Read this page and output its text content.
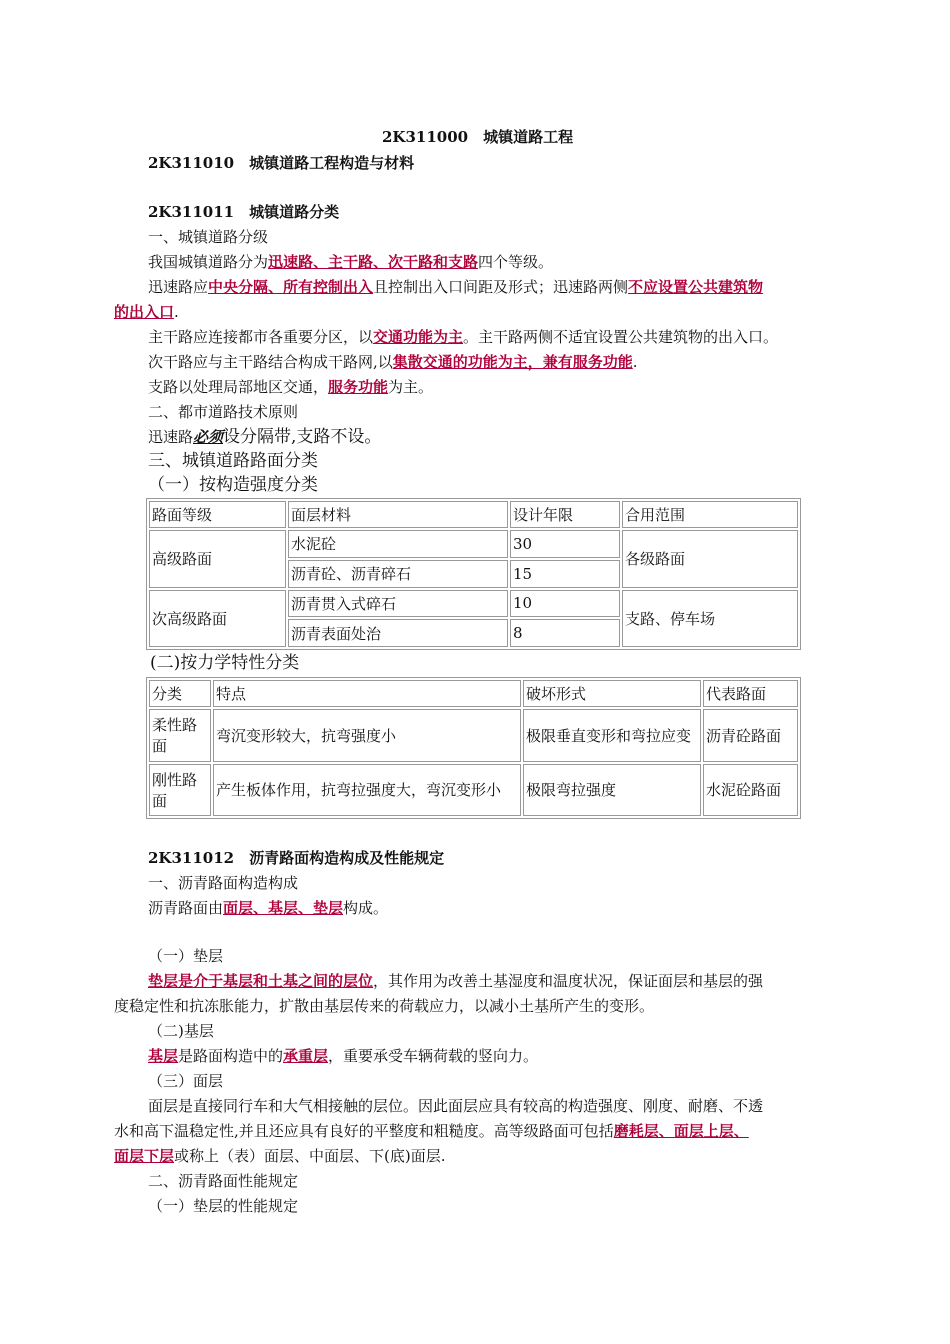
2K311000　城镇道路工程
2K311010　城镇道路工程构造与材料
2K311011　城镇道路分类
一、城镇道路分级
我国城镇道路分为迅速路、主干路、次干路和支路四个等级。
迅速路应中央分隔、所有控制出入且控制出入口间距及形式；迅速路两侧不应设置公共建筑物
的出入口.
主干路应连接都市各重要分区，以交通功能为主。主干路两侧不适宜设置公共建筑物的出入口。
次干路应与主干路结合构成干路网,以集散交通的功能为主，兼有服务功能.
支路以处理局部地区交通，服务功能为主。
二、都市道路技术原则
迅速路必须设分隔带,支路不设。
三、城镇道路路面分类
（一）按构造强度分类
路面等级	面层材料	设计年限	合用范围
高级路面	水泥砼	30	各级路面
	沥青砼、沥青碎石	15	
次高级路面	沥青贯入式碎石	10	支路、停车场
	沥青表面处治	8	
(二)按力学特性分类
分类	特点	破坏形式	代表路面
柔性路面	弯沉变形较大，抗弯强度小	极限垂直变形和弯拉应变	沥青砼路面
刚性路面	产生板体作用，抗弯拉强度大，弯沉变形小	极限弯拉强度	水泥砼路面
2K311012　沥青路面构造构成及性能规定
一、沥青路面构造构成
沥青路面由面层、基层、垫层构成。
（一）垫层
垫层是介于基层和土基之间的层位，其作用为改善土基湿度和温度状况，保证面层和基层的强
度稳定性和抗冻胀能力，扩散由基层传来的荷载应力，以减小土基所产生的变形。
（二)基层
基层是路面构造中的承重层，重要承受车辆荷载的竖向力。
（三）面层
面层是直接同行车和大气相接触的层位。因此面层应具有较高的构造强度、刚度、耐磨、不透
水和高下温稳定性,并且还应具有良好的平整度和粗糙度。高等级路面可包括磨耗层、面层上层、
面层下层或称上（表）面层、中面层、下(底)面层.
二、沥青路面性能规定
（一）垫层的性能规定
